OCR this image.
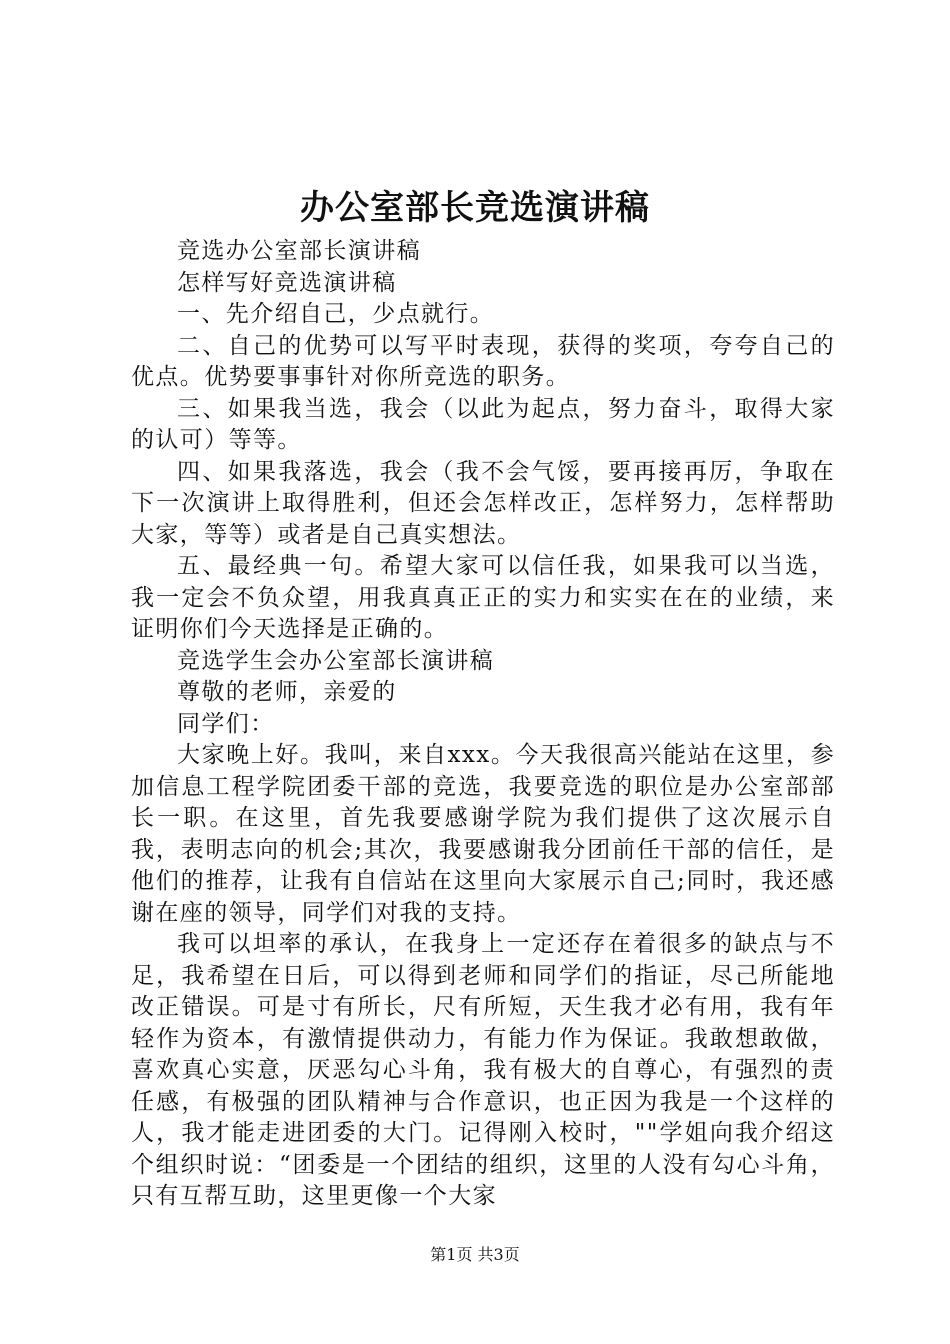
办公室部长竞选演讲稿

竞选办公室部长演讲稿

怎样写好竞选演讲稿

一、先介绍自己，少点就行。

二、自己的优势可以写平时表现，获得的奖项，夸夸自己的优点。优势要事事针对你所竞选的职务。

三、如果我当选，我会（以此为起点，努力奋斗，取得大家的认可）等等。

四、如果我落选，我会（我不会气馁，要再接再厉，争取在下一次演讲上取得胜利，但还会怎样改正，怎样努力，怎样帮助大家，等等）或者是自己真实想法。

五、最经典一句。希望大家可以信任我，如果我可以当选，我一定会不负众望，用我真真正正的实力和实实在在的业绩，来证明你们今天选择是正确的。

竞选学生会办公室部长演讲稿

尊敬的老师，亲爱的

同学们：

大家晚上好。我叫，来自xxx。今天我很高兴能站在这里，参加信息工程学院团委干部的竞选，我要竞选的职位是办公室部部长一职。在这里，首先我要感谢学院为我们提供了这次展示自我，表明志向的机会;其次，我要感谢我分团前任干部的信任，是他们的推荐，让我有自信站在这里向大家展示自己;同时，我还感谢在座的领导，同学们对我的支持。

我可以坦率的承认，在我身上一定还存在着很多的缺点与不足，我希望在日后，可以得到老师和同学们的指证，尽己所能地改正错误。可是寸有所长，尺有所短，天生我才必有用，我有年轻作为资本，有激情提供动力，有能力作为保证。我敢想敢做，喜欢真心实意，厌恶勾心斗角，我有极大的自尊心，有强烈的责任感，有极强的团队精神与合作意识，也正因为我是一个这样的人，我才能走进团委的大门。记得刚入校时，""学姐向我介绍这个组织时说：“团委是一个团结的组织，这里的人没有勾心斗角，只有互帮互助，这里更像一个大家

第1页 共3页
